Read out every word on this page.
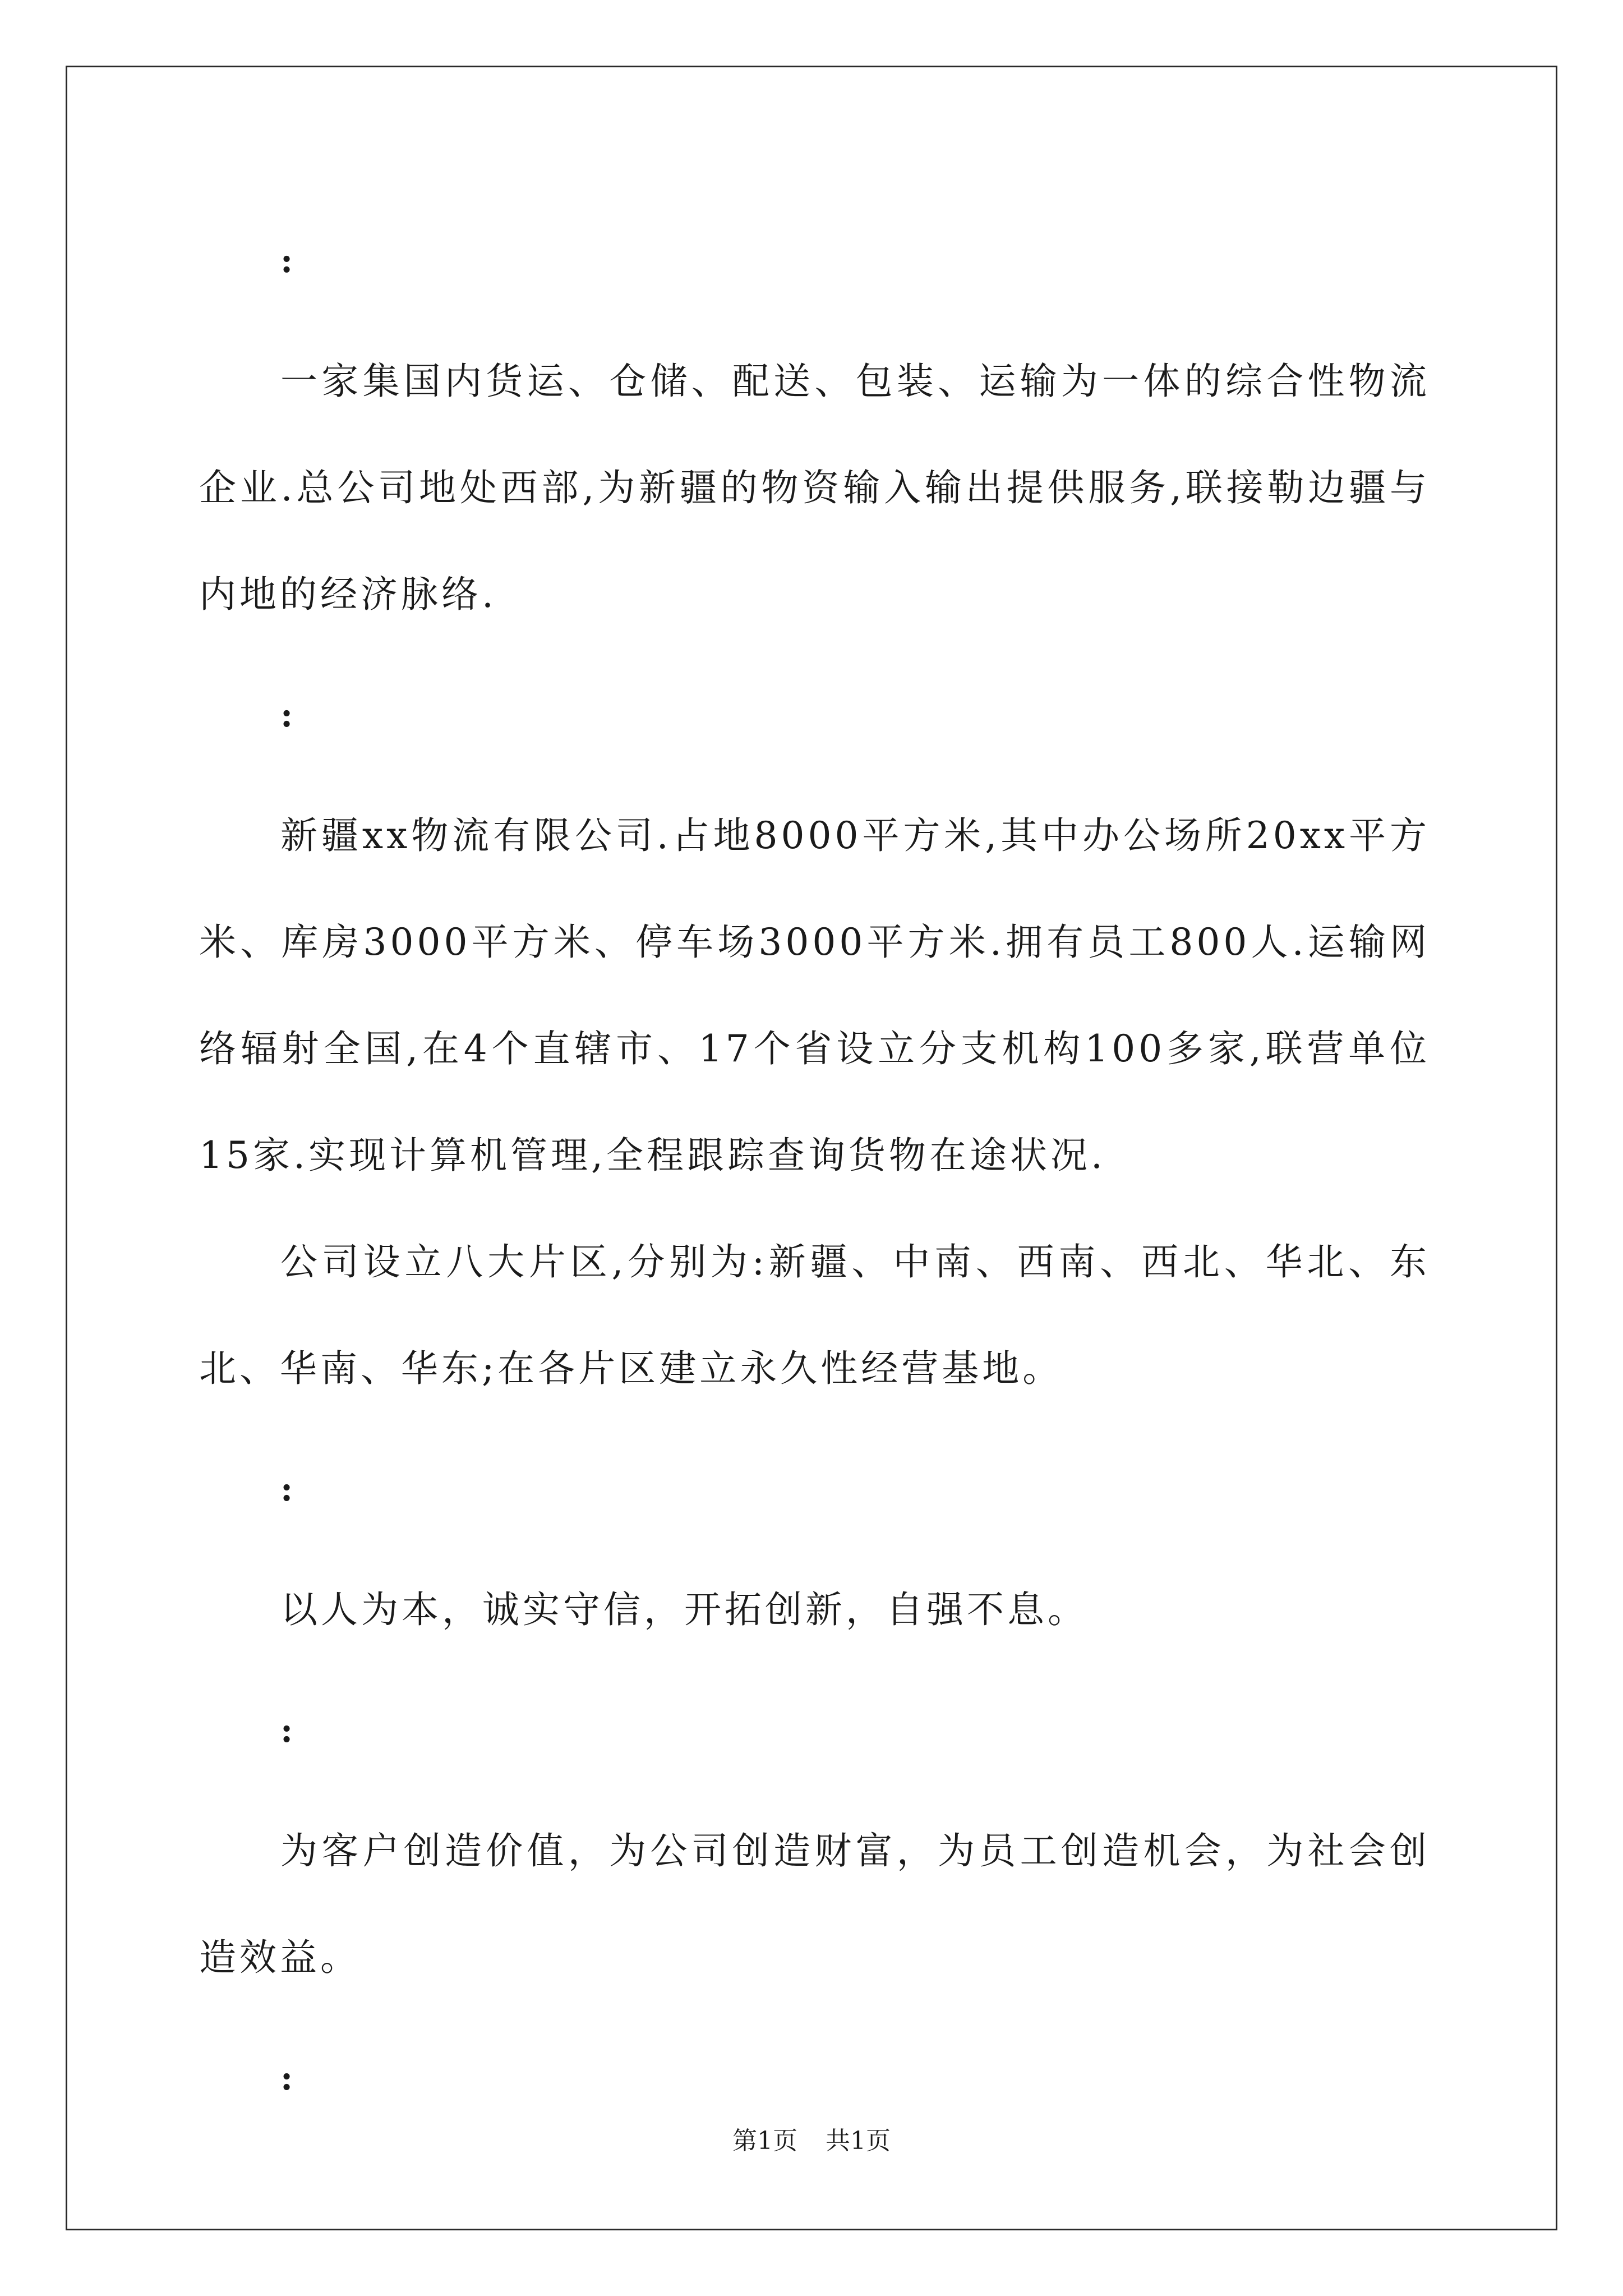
:

一家集国内货运、仓储、配送、包装、运输为一体的综合性物流企业.总公司地处西部,为新疆的物资输入输出提供服务,联接勒边疆与内地的经济脉络.

:

新疆xx物流有限公司.占地8000平方米,其中办公场所20xx平方米、库房3000平方米、停车场3000平方米.拥有员工800人.运输网络辐射全国,在4个直辖市、17个省设立分支机构100多家,联营单位15家.实现计算机管理,全程跟踪查询货物在途状况.

公司设立八大片区,分别为:新疆、中南、西南、西北、华北、东北、华南、华东;在各片区建立永久性经营基地。

:

以人为本，诚实守信，开拓创新，自强不息。

:

为客户创造价值，为公司创造财富，为员工创造机会，为社会创造效益。

:

第1页 共1页
